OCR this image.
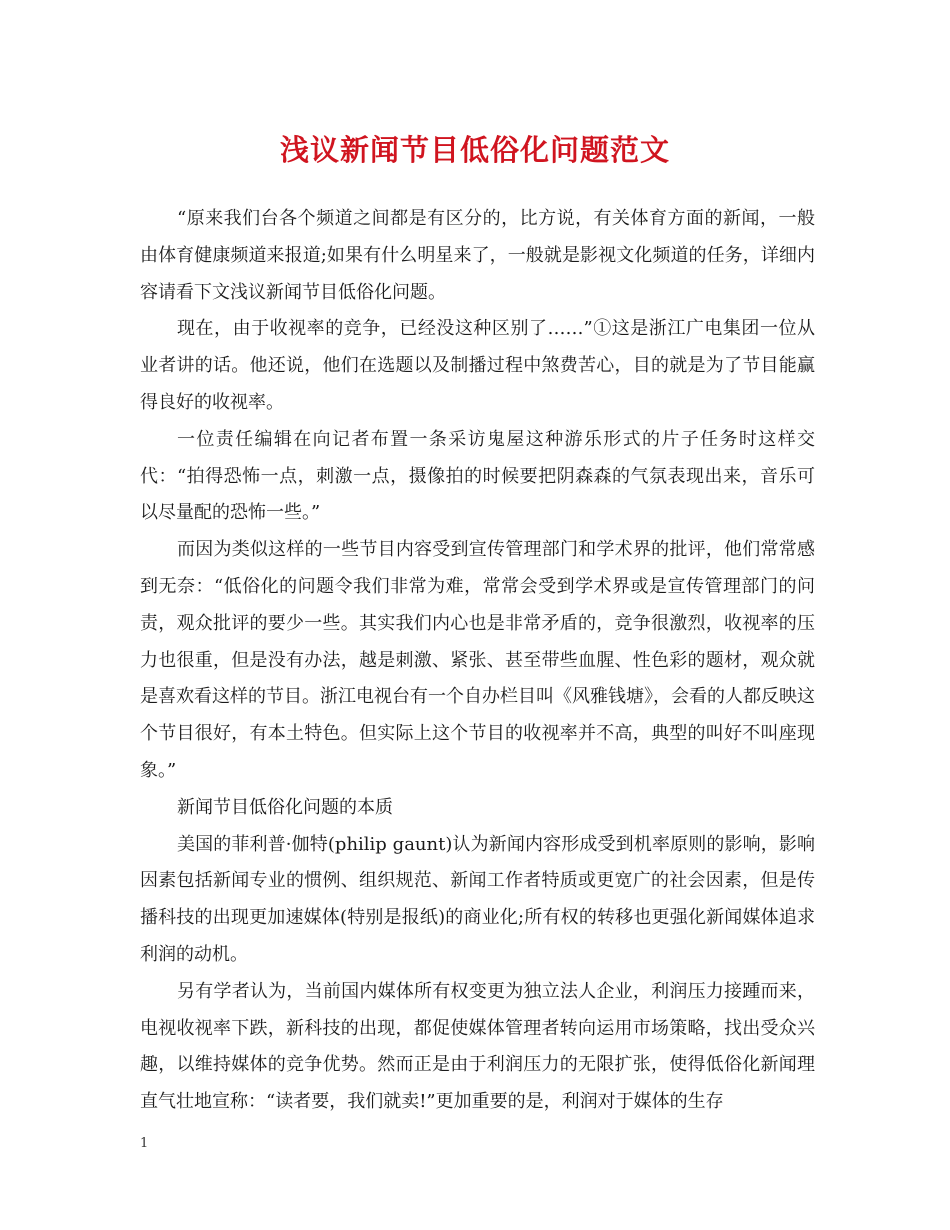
浅议新闻节目低俗化问题范文

“原来我们台各个频道之间都是有区分的，比方说，有关体育方面的新闻，一般由体育健康频道来报道;如果有什么明星来了，一般就是影视文化频道的任务，详细内容请看下文浅议新闻节目低俗化问题。

现在，由于收视率的竞争，已经没这种区别了……”①这是浙江广电集团一位从业者讲的话。他还说，他们在选题以及制播过程中煞费苦心，目的就是为了节目能赢得良好的收视率。

一位责任编辑在向记者布置一条采访鬼屋这种游乐形式的片子任务时这样交代：“拍得恐怖一点，刺激一点，摄像拍的时候要把阴森森的气氛表现出来，音乐可以尽量配的恐怖一些。”

而因为类似这样的一些节目内容受到宣传管理部门和学术界的批评，他们常常感到无奈：“低俗化的问题令我们非常为难，常常会受到学术界或是宣传管理部门的问责，观众批评的要少一些。其实我们内心也是非常矛盾的，竞争很激烈，收视率的压力也很重，但是没有办法，越是刺激、紧张、甚至带些血腥、性色彩的题材，观众就是喜欢看这样的节目。浙江电视台有一个自办栏目叫《风雅钱塘》，会看的人都反映这个节目很好，有本土特色。但实际上这个节目的收视率并不高，典型的叫好不叫座现象。”

新闻节目低俗化问题的本质

美国的菲利普·伽特(philip gaunt)认为新闻内容形成受到机率原则的影响，影响因素包括新闻专业的惯例、组织规范、新闻工作者特质或更宽广的社会因素，但是传播科技的出现更加速媒体(特别是报纸)的商业化;所有权的转移也更强化新闻媒体追求利润的动机。

另有学者认为，当前国内媒体所有权变更为独立法人企业，利润压力接踵而来，电视收视率下跌，新科技的出现，都促使媒体管理者转向运用市场策略，找出受众兴趣，以维持媒体的竞争优势。然而正是由于利润压力的无限扩张，使得低俗化新闻理直气壮地宣称：“读者要，我们就卖!”更加重要的是，利润对于媒体的生存

1
